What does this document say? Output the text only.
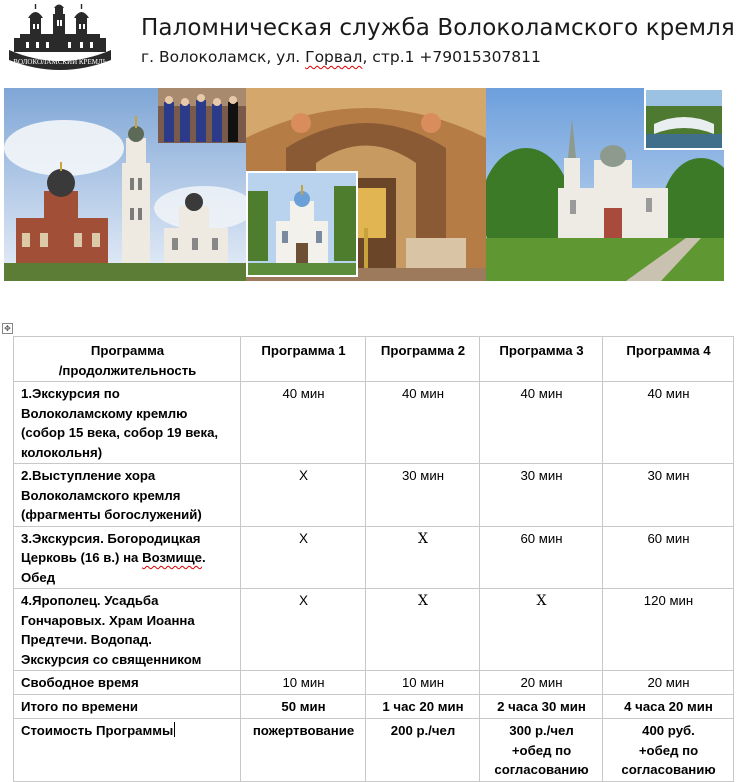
ВОЛОКОЛАМСКИЙ КРЕМЛЬ
Паломническая служба Волоколамского кремля
г. Волоколамск, ул. Горвал, стр.1 +79015307811
✥
Программа
/продолжительность	Программа 1	Программа 2	Программа 3	Программа 4
1.Экскурсия по
Волоколамскому кремлю
(собор 15 века, собор 19 века,
колокольня)	40 мин	40 мин	40 мин	40 мин
2.Выступление хора
Волоколамского кремля
(фрагменты богослужений)	Х	30 мин	30 мин	30 мин
3.Экскурсия. Богородицкая
Церковь (16 в.) на Возмище.
Обед	Х	Х	60 мин	60 мин
4.Ярополец. Усадьба
Гончаровых. Храм Иоанна
Предтечи. Водопад.
Экскурсия со священником	Х	Х	Х	120 мин
Свободное время	10 мин	10 мин	20 мин	20 мин
Итого по времени	50 мин	1 час 20 мин	2 часа 30 мин	4 часа 20 мин
Стоимость Программы	пожертвование	200 р./чел	300 р./чел
+обед по
согласованию	400 руб.
+обед по
согласованию
